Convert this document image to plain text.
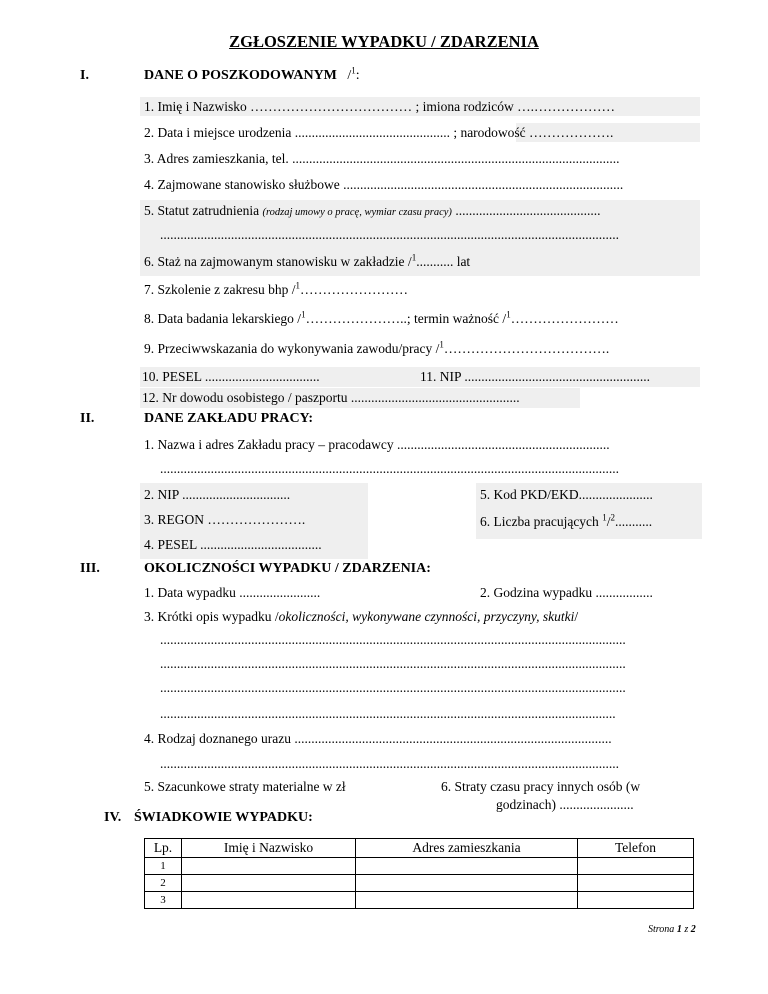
ZGŁOSZENIE WYPADKU / ZDARZENIA
I.	DANE O POSZKODOWANYM /$^1$:
1. Imię i Nazwisko ……………………………… ; imiona rodziców ….………………
2. Data i miejsce urodzenia .............................................. ; narodowość ……………….
3. Adres zamieszkania, tel. .................................................................................................
4. Zajmowane stanowisko służbowe ...................................................................................
5. Statut zatrudnienia (rodzaj umowy o pracę, wymiar czasu pracy) ...........................................
........................................................................................................................................
6. Staż na zajmowanym stanowisku w zakładzie /$^1$........... lat
7. Szkolenie z zakresu bhp /$^1$……………………
8. Data badania lekarskiego /$^1$…………………..; termin ważność /$^1$……………………
9. Przeciwwskazania do wykonywania zawodu/pracy /$^1$……………………………….
10. PESEL ..................................	11. NIP .......................................................
12. Nr dowodu osobistego / paszportu ..................................................
II.	DANE ZAKŁADU PRACY:
1. Nazwa i adres Zakładu pracy – pracodawcy ...............................................................
........................................................................................................................................
2. NIP ................................
3. REGON ………………….
4. PESEL ....................................
5. Kod PKD/EKD......................
6. Liczba pracujących $^1$/$^2$...........
III.	OKOLICZNOŚCI WYPADKU / ZDARZENIA:
1. Data wypadku ........................	2. Godzina wypadku .................
3. Krótki opis wypadku /okoliczności, wykonywane czynności, przyczyny, skutki/
..........................................................................................................................................
..........................................................................................................................................
..........................................................................................................................................
.......................................................................................................................................
4. Rodzaj doznanego urazu ..............................................................................................
........................................................................................................................................
5. Szacunkowe straty materialne w zł	6. Straty czasu pracy innych osób (w
godzinach) ......................
IV. ŚWIADKOWIE WYPADKU:
Lp.	Imię i Nazwisko	Adres zamieszkania	Telefon
1			
2			
3			
Strona 1 z 2
